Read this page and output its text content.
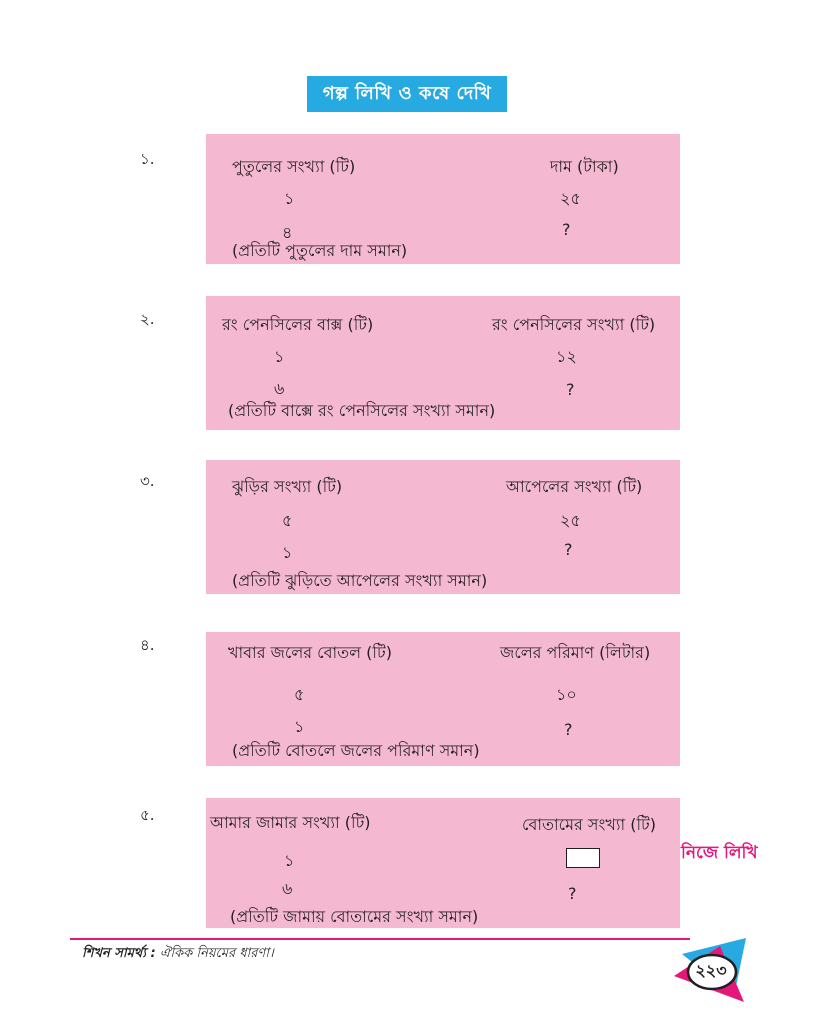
গল্প লিখি ও কষে দেখি
১.	পুতুলের সংখ্যা (টি)	দাম (টাকা)
১	২৫
৪	?
(প্রতিটি পুতুলের দাম সমান)
২.	রং পেনসিলের বাক্স (টি)	রং পেনসিলের সংখ্যা (টি)
১	১২
৬	?
(প্রতিটি বাক্সে রং পেনসিলের সংখ্যা সমান)
৩.	ঝুড়ির সংখ্যা (টি)	আপেলের সংখ্যা (টি)
৫	২৫
১	?
(প্রতিটি ঝুড়িতে আপেলের সংখ্যা সমান)
৪.	খাবার জলের বোতল (টি)	জলের পরিমাণ (লিটার)
৫	১০
১	?
(প্রতিটি বোতলে জলের পরিমাণ সমান)
৫.	আমার জামার সংখ্যা (টি)	বোতামের সংখ্যা (টি)
১
৬	?
(প্রতিটি জামায় বোতামের সংখ্যা সমান)
নিজে লিখি
শিখন সামর্থ্য : ঐকিক নিয়মের ধারণা।
২২৩
